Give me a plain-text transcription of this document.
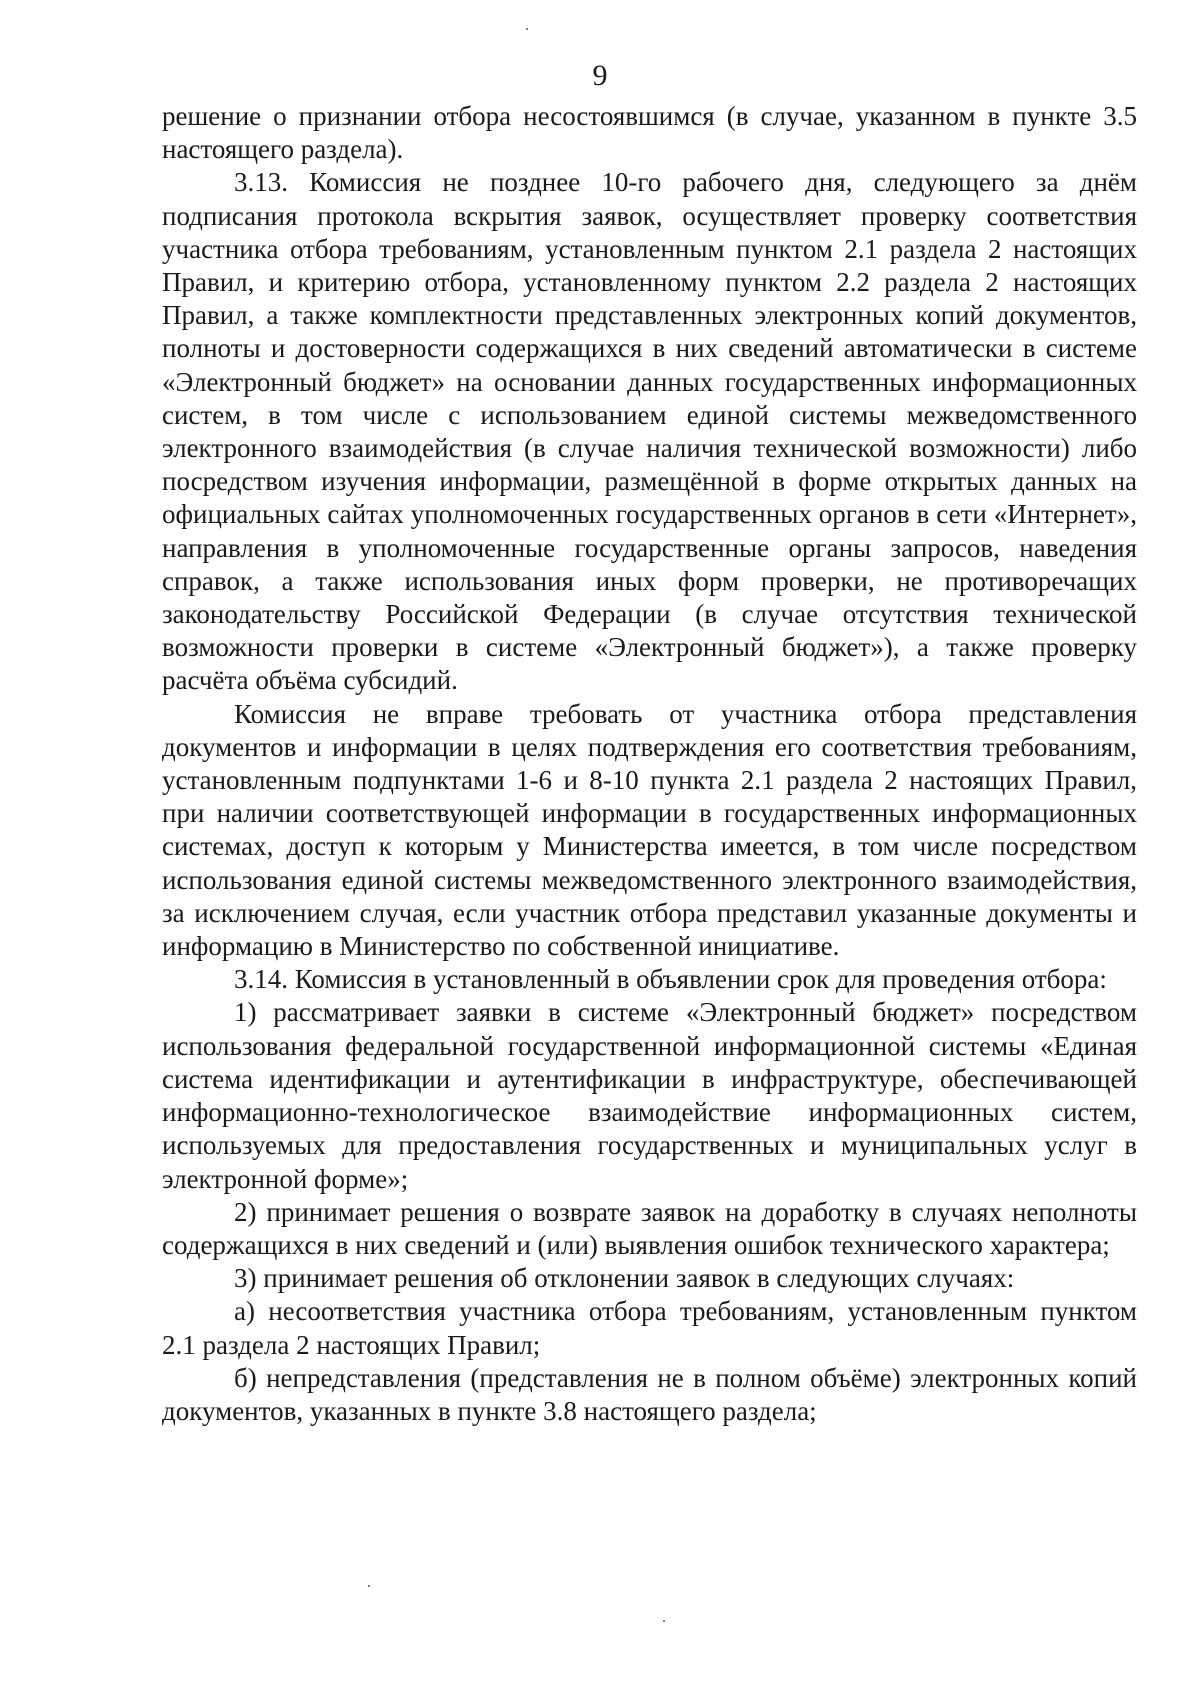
9

решение о признании отбора несостоявшимся (в случае, указанном в пункте 3.5 настоящего раздела).

3.13. Комиссия не позднее 10-го рабочего дня, следующего за днём подписания протокола вскрытия заявок, осуществляет проверку соответствия участника отбора требованиям, установленным пунктом 2.1 раздела 2 настоящих Правил, и критерию отбора, установленному пунктом 2.2 раздела 2 настоящих Правил, а также комплектности представленных электронных копий документов, полноты и достоверности содержащихся в них сведений автоматически в системе «Электронный бюджет» на основании данных государственных информационных систем, в том числе с использованием единой системы межведомственного электронного взаимодействия (в случае наличия технической возможности) либо посредством изучения информации, размещённой в форме открытых данных на официальных сайтах уполномоченных государственных органов в сети «Интернет», направления в уполномоченные государственные органы запросов, наведения справок, а также использования иных форм проверки, не противоречащих законодательству Российской Федерации (в случае отсутствия технической возможности проверки в системе «Электронный бюджет»), а также проверку расчёта объёма субсидий.

Комиссия не вправе требовать от участника отбора представления документов и информации в целях подтверждения его соответствия требованиям, установленным подпунктами 1-6 и 8-10 пункта 2.1 раздела 2 настоящих Правил, при наличии соответствующей информации в государственных информационных системах, доступ к которым у Министерства имеется, в том числе посредством использования единой системы межведомственного электронного взаимодействия, за исключением случая, если участник отбора представил указанные документы и информацию в Министерство по собственной инициативе.

3.14. Комиссия в установленный в объявлении срок для проведения отбора:

1) рассматривает заявки в системе «Электронный бюджет» посредством использования федеральной государственной информационной системы «Единая система идентификации и аутентификации в инфраструктуре, обеспечивающей информационно-технологическое взаимодействие информационных систем, используемых для предоставления государственных и муниципальных услуг в электронной форме»;

2) принимает решения о возврате заявок на доработку в случаях неполноты содержащихся в них сведений и (или) выявления ошибок технического характера;

3) принимает решения об отклонении заявок в следующих случаях:

а) несоответствия участника отбора требованиям, установленным пунктом 2.1 раздела 2 настоящих Правил;

б) непредставления (представления не в полном объёме) электронных копий документов, указанных в пункте 3.8 настоящего раздела;
